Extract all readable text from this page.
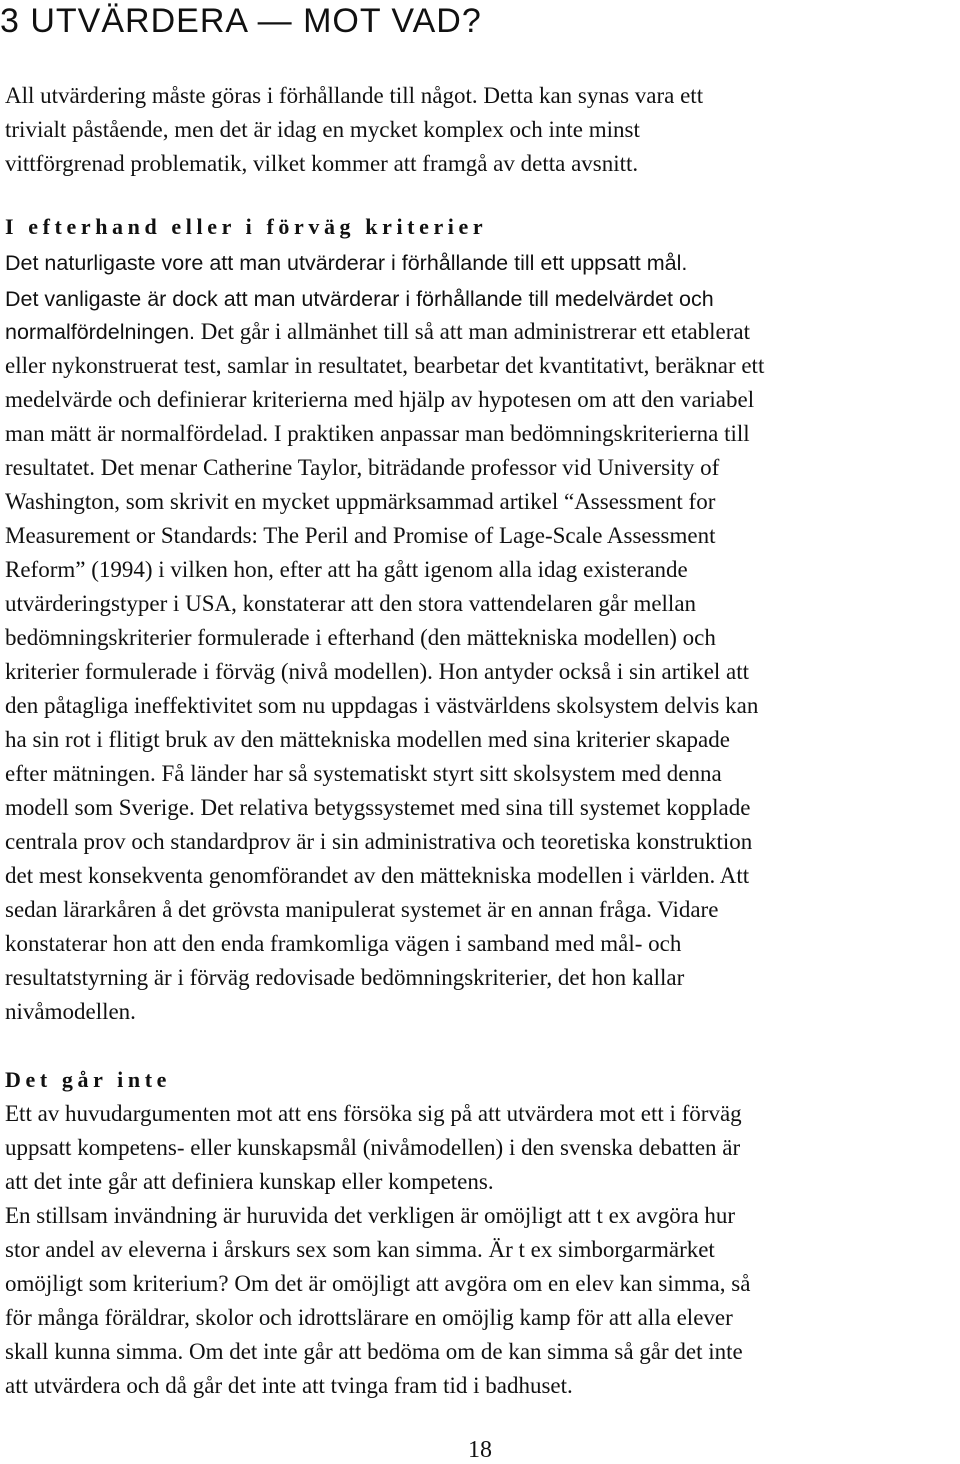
3 UTVÄRDERA — MOT VAD?

All utvärdering måste göras i förhållande till något. Detta kan synas vara ett

trivialt påstående, men det är idag en mycket komplex och inte minst

vittförgrenad problematik, vilket kommer att framgå av detta avsnitt.

I efterhand eller i förväg kriterier

Det naturligaste vore att man utvärderar i förhållande till ett uppsatt mål.

Det vanligaste är dock att man utvärderar i förhållande till medelvärdet och

normalfördelningen. Det går i allmänhet till så att man administrerar ett etablerat

eller nykonstruerat test, samlar in resultatet, bearbetar det kvantitativt, beräknar ett

medelvärde och definierar kriterierna med hjälp av hypotesen om att den variabel

man mätt är normalfördelad. I praktiken anpassar man bedömningskriterierna till

resultatet. Det menar Catherine Taylor, biträdande professor vid University of

Washington, som skrivit en mycket uppmärksammad artikel “Assessment for

Measurement or Standards: The Peril and Promise of Lage-Scale Assessment

Reform” (1994) i vilken hon, efter att ha gått igenom alla idag existerande

utvärderingstyper i USA, konstaterar att den stora vattendelaren går mellan

bedömningskriterier formulerade i efterhand (den mättekniska modellen) och

kriterier formulerade i förväg (nivå modellen). Hon antyder också i sin artikel att

den påtagliga ineffektivitet som nu uppdagas i västvärldens skolsystem delvis kan

ha sin rot i flitigt bruk av den mättekniska modellen med sina kriterier skapade

efter mätningen. Få länder har så systematiskt styrt sitt skolsystem med denna

modell som Sverige. Det relativa betygssystemet med sina till systemet kopplade

centrala prov och standardprov är i sin administrativa och teoretiska konstruktion

det mest konsekventa genomförandet av den mättekniska modellen i världen. Att

sedan lärarkåren å det grövsta manipulerat systemet är en annan fråga. Vidare

konstaterar hon att den enda framkomliga vägen i samband med mål- och

resultatstyrning är i förväg redovisade bedömningskriterier, det hon kallar

nivåmodellen.

Det går inte

Ett av huvudargumenten mot att ens försöka sig på att utvärdera mot ett i förväg

uppsatt kompetens- eller kunskapsmål (nivåmodellen) i den svenska debatten är

att det inte går att definiera kunskap eller kompetens.

En stillsam invändning är huruvida det verkligen är omöjligt att t ex avgöra hur

stor andel av eleverna i årskurs sex som kan simma. Är t ex simborgarmärket

omöjligt som kriterium? Om det är omöjligt att avgöra om en elev kan simma, så

för många föräldrar, skolor och idrottslärare en omöjlig kamp för att alla elever

skall kunna simma. Om det inte går att bedöma om de kan simma så går det inte

att utvärdera och då går det inte att tvinga fram tid i badhuset.

18
